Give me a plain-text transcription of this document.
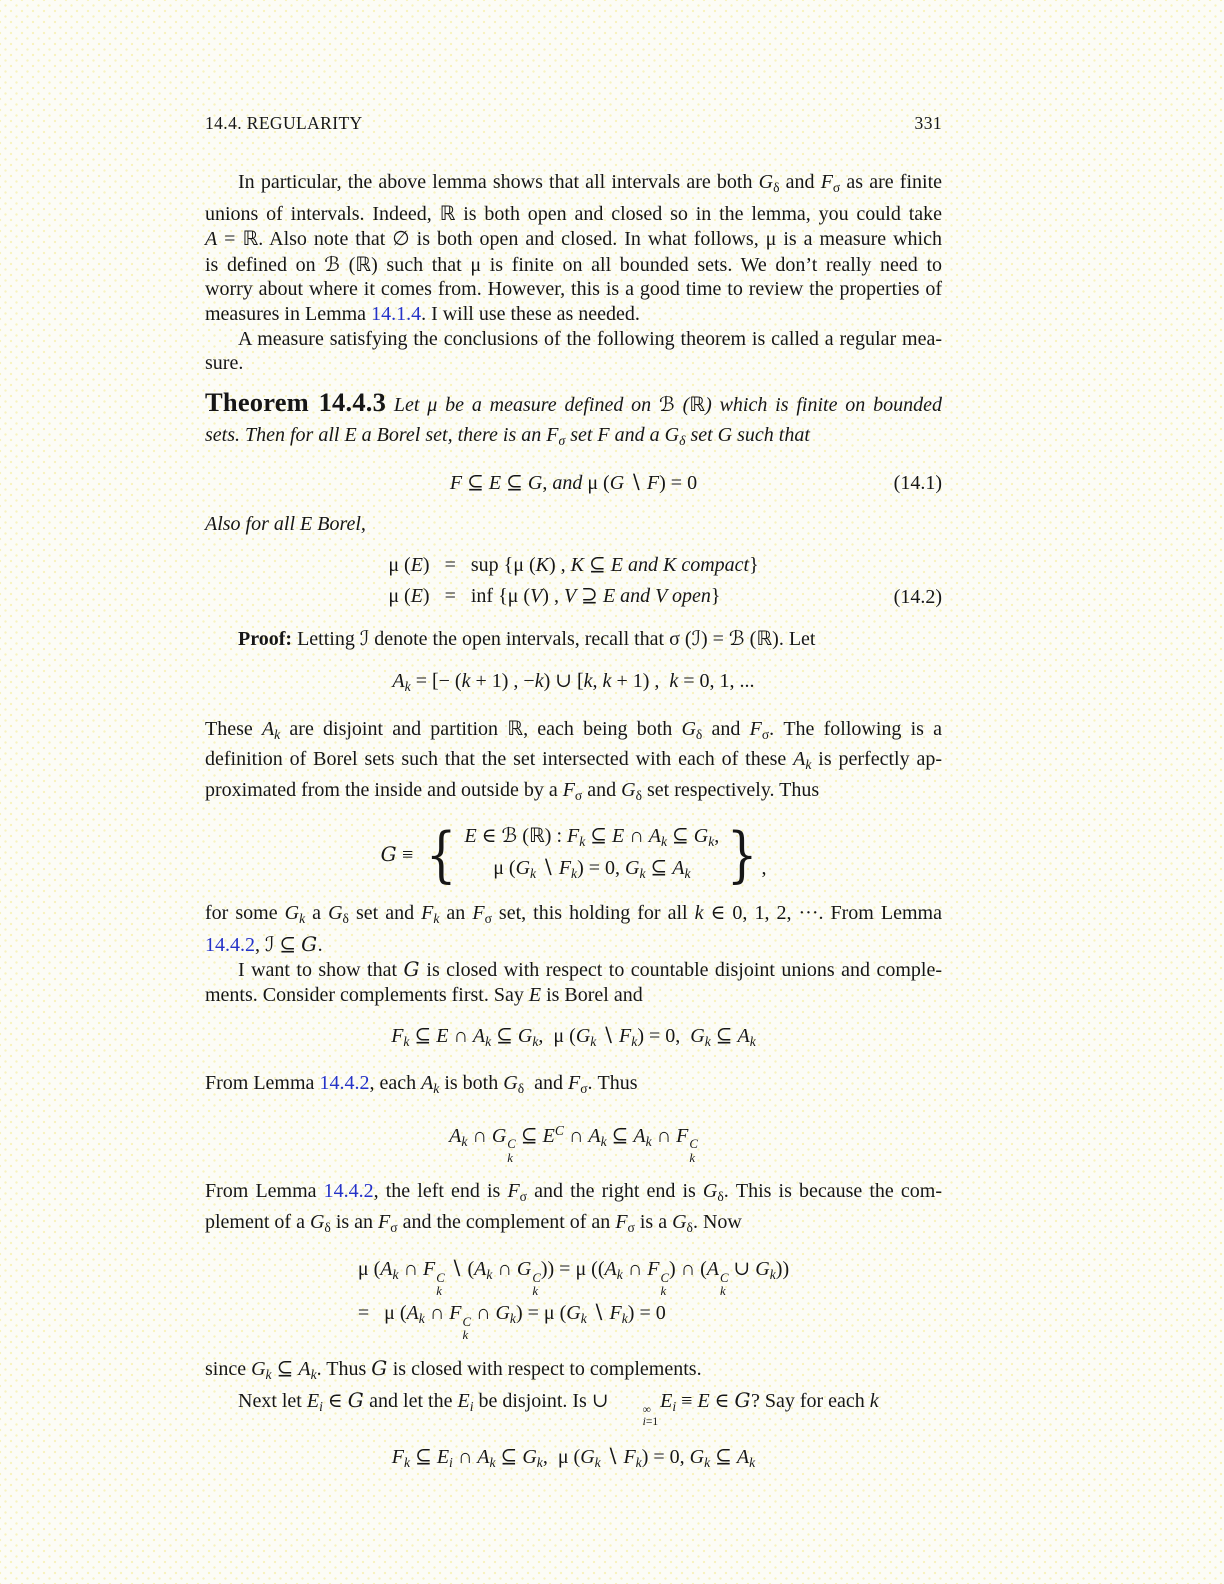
14.4. REGULARITY	331
In particular, the above lemma shows that all intervals are both $G_\delta$ and $F_\sigma$ as are finite
unions of intervals. Indeed, ℝ is both open and closed so in the lemma, you could take
A = ℝ. Also note that ∅ is both open and closed. In what follows, μ is a measure which
is defined on ℬ (ℝ) such that μ is finite on all bounded sets. We don’t really need to
worry about where it comes from. However, this is a good time to review the properties of
measures in Lemma 14.1.4. I will use these as needed.
A measure satisfying the conclusions of the following theorem is called a regular mea-
sure.
Theorem 14.4.3 Let μ be a measure defined on ℬ (ℝ) which is finite on bounded
sets. Then for all E a Borel set, there is an $F_\sigma$ set F and a $G_\delta$ set G such that
F ⊆ E ⊆ G, and μ (G ∖ F) = 0	(14.1)
Also for all E Borel,
μ (E)   =   sup {μ (K) , K ⊆ E and K compact}
μ (E)   =   inf {μ (V) , V ⊇ E and V open}	(14.2)
Proof: Letting ℐ denote the open intervals, recall that σ (ℐ) = ℬ (ℝ). Let
$A_k$ = [− (k + 1) , −k) ∪ [k, k + 1) ,  k = 0, 1, ...
These $A_k$ are disjoint and partition ℝ, each being both $G_\delta$ and $F_\sigma$. The following is a
definition of Borel sets such that the set intersected with each of these $A_k$ is perfectly ap-
proximated from the inside and outside by a $F_\sigma$ and $G_\delta$ set respectively. Thus
G ≡ { E ∈ ℬ (ℝ) : $F_k$ ⊆ E ∩ $A_k$ ⊆ $G_k$,
μ ($G_k$ ∖ $F_k) = 0$, $G_k$ ⊆ $A_k$ } ,
for some $G_k$ a $G_\delta$ set and $F_k$ an $F_\sigma$ set, this holding for all k ∈ 0, 1, 2, ···. From Lemma
14.4.2, ℐ ⊆ G.
I want to show that G is closed with respect to countable disjoint unions and comple-
ments. Consider complements first. Say E is Borel and
$F_k$ ⊆ E ∩ $A_k$ ⊆ $G_k$,  μ ($G_k$ ∖ $F_k) = 0$,  $G_k$ ⊆ $A_k$
From Lemma 14.4.2, each $A_k$ is both $G_\delta$  and $F_\sigma$. Thus
$A_k$ ∩ G C
k
⊆ $E^C$ ∩ $A_k$ ⊆ $A_k$ ∩ F C
k
From Lemma 14.4.2, the left end is $F_\sigma$ and the right end is $G_\delta$. This is because the com-
plement of a $G_\delta$ is an $F_\sigma$ and the complement of an $F_\sigma$ is a $G_\delta$. Now
μ ($A_k$ ∩ F C
k
∖ ($A_k$ ∩ G C
k
)) = μ (($A_k$ ∩ F C
k
) ∩ (A C
k
∪ $G_k$))
=   μ ($A_k$ ∩ F C
k
∩ $G_k) = \mu$ ($G_k$ ∖ $F_k) = 0$
since $G_k$ ⊆ $A_k$. Thus G is closed with respect to complements.
Next let $E_i$ ∈ G and let the $E_i$ be disjoint. Is ∪	∞
i=1
$E_i \equiv E$ ∈ G? Say for each k
$F_k$ ⊆ $E_i$ ∩ $A_k$ ⊆ $G_k$,  μ ($G_k$ ∖ $F_k) = 0$, $G_k$ ⊆ $A_k$
